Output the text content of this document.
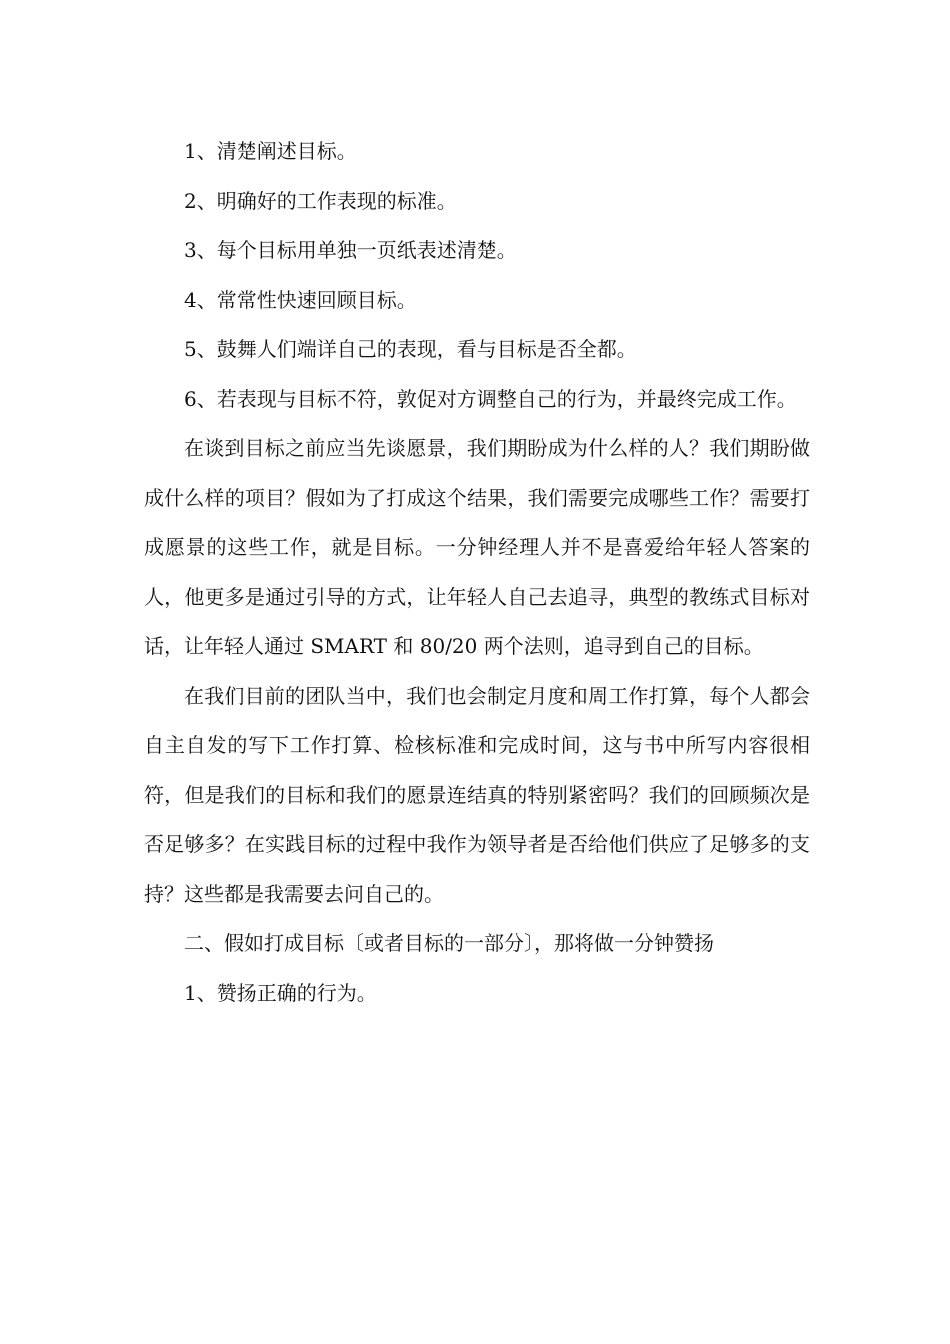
1、清楚阐述目标。

2、明确好的工作表现的标准。

3、每个目标用单独一页纸表述清楚。

4、常常性快速回顾目标。

5、鼓舞人们端详自己的表现，看与目标是否全都。

6、若表现与目标不符，敦促对方调整自己的行为，并最终完成工作。

在谈到目标之前应当先谈愿景，我们期盼成为什么样的人？我们期盼做成什么样的项目？假如为了打成这个结果，我们需要完成哪些工作？需要打成愿景的这些工作，就是目标。一分钟经理人并不是喜爱给年轻人答案的人，他更多是通过引导的方式，让年轻人自己去追寻，典型的教练式目标对话，让年轻人通过 SMART 和 80/20 两个法则，追寻到自己的目标。

在我们目前的团队当中，我们也会制定月度和周工作打算，每个人都会自主自发的写下工作打算、检核标准和完成时间，这与书中所写内容很相符，但是我们的目标和我们的愿景连结真的特别紧密吗？我们的回顾频次是否足够多？在实践目标的过程中我作为领导者是否给他们供应了足够多的支持？这些都是我需要去问自己的。

二、假如打成目标〔或者目标的一部分〕，那将做一分钟赞扬

1、赞扬正确的行为。
